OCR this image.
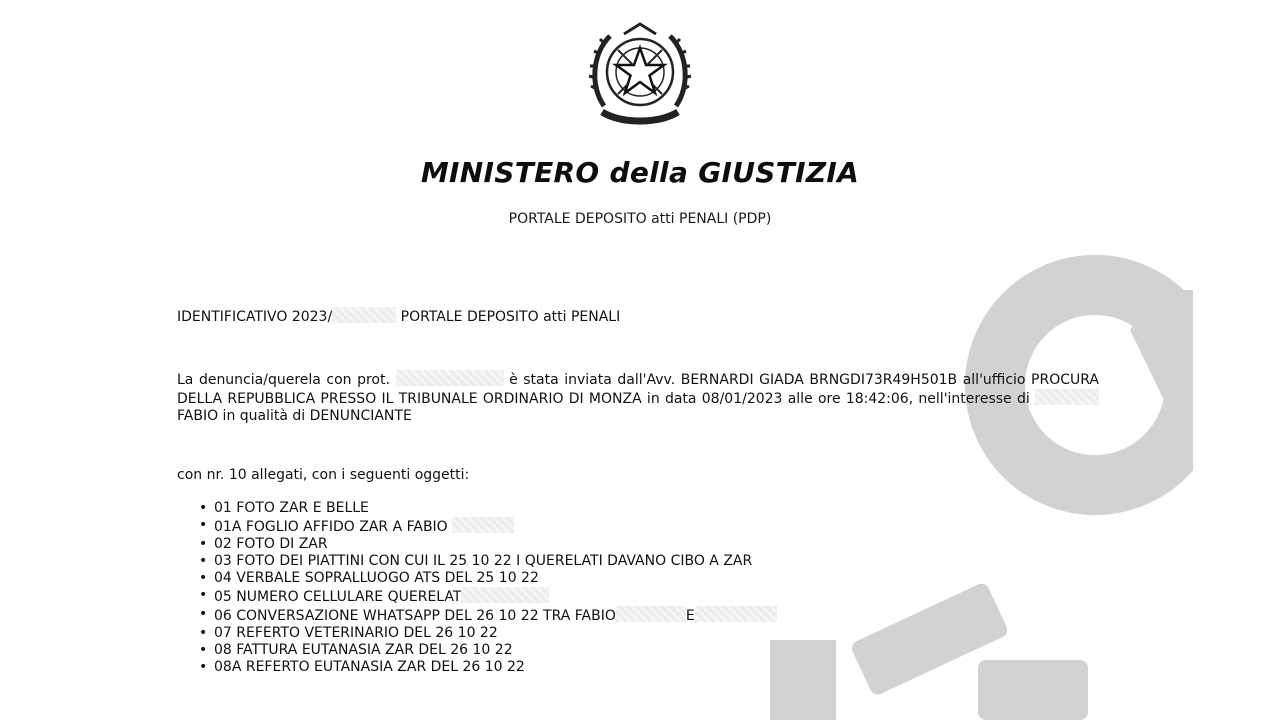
MINISTERO della GIUSTIZIA
PORTALE DEPOSITO atti PENALI (PDP)
IDENTIFICATIVO 2023/	PORTALE DEPOSITO atti PENALI
La denuncia/querela con prot.	è stata inviata dall'Avv. BERNARDI GIADA BRNGDI73R49H501B all'ufficio PROCURA DELLA REPUBBLICA PRESSO IL TRIBUNALE ORDINARIO DI MONZA in data 08/01/2023 alle ore 18:42:06, nell'interesse di  FABIO in qualità di DENUNCIANTE
con nr. 10 allegati, con i seguenti oggetti:
• 01 FOTO ZAR E BELLE
• 01A FOGLIO AFFIDO ZAR A FABIO
• 02 FOTO DI ZAR
• 03 FOTO DEI PIATTINI CON CUI IL 25 10 22 I QUERELATI DAVANO CIBO A ZAR
• 04 VERBALE SOPRALLUOGO ATS DEL 25 10 22
• 05 NUMERO CELLULARE QUERELAT
• 06 CONVERSAZIONE WHATSAPP DEL 26 10 22 TRA FABIO	E
• 07 REFERTO VETERINARIO DEL 26 10 22
• 08 FATTURA EUTANASIA ZAR DEL 26 10 22
• 08A REFERTO EUTANASIA ZAR DEL 26 10 22
